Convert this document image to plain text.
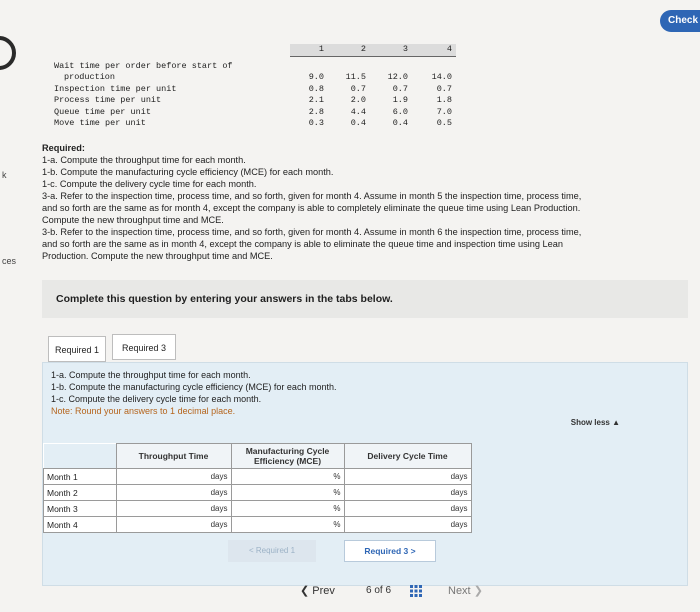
k
ces
Check
	1	2	3	4

Wait time per order before start of				
production	9.0	11.5	12.0	14.0
Inspection time per unit	0.8	0.7	0.7	0.7
Process time per unit	2.1	2.0	1.9	1.8
Queue time per unit	2.8	4.4	6.0	7.0
Move time per unit	0.3	0.4	0.4	0.5
Required:
1-a. Compute the throughput time for each month.
1-b. Compute the manufacturing cycle efficiency (MCE) for each month.
1-c. Compute the delivery cycle time for each month.
3-a. Refer to the inspection time, process time, and so forth, given for month 4. Assume in month 5 the inspection time, process time,
and so forth are the same as for month 4, except the company is able to completely eliminate the queue time using Lean Production.
Compute the new throughput time and MCE.
3-b. Refer to the inspection time, process time, and so forth, given for month 4. Assume in month 6 the inspection time, process time,
and so forth are the same as in month 4, except the company is able to eliminate the queue time and inspection time using Lean
Production. Compute the new throughput time and MCE.
Complete this question by entering your answers in the tabs below.
Required 1	Required 3
1-a. Compute the throughput time for each month.
1-b. Compute the manufacturing cycle efficiency (MCE) for each month.
1-c. Compute the delivery cycle time for each month.
Note: Round your answers to 1 decimal place.
	Throughput Time	Manufacturing Cycle Efficiency (MCE)	Delivery Cycle Time
Month 1	days	%	days

Month 2	days	%	days

Month 3	days	%	days

Month 4	days	%	days
Show less ▲
< Required 1	Required 3 >
❮ Prev	6 of 6	Next ❯
